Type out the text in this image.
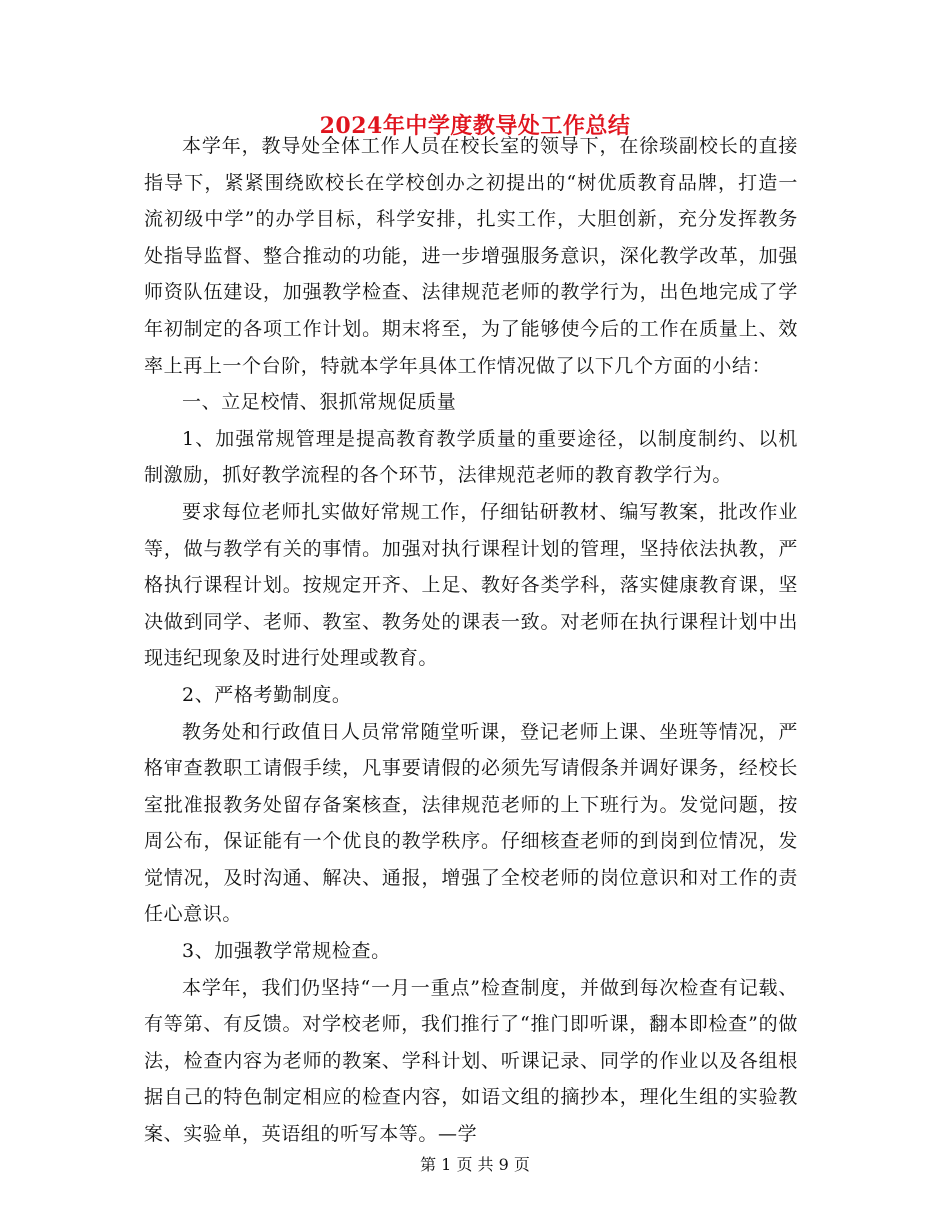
2024年中学度教导处工作总结

本学年，教导处全体工作人员在校长室的领导下，在徐琰副校长的直接指导下，紧紧围绕欧校长在学校创办之初提出的“树优质教育品牌，打造一流初级中学”的办学目标，科学安排，扎实工作，大胆创新，充分发挥教务处指导监督、整合推动的功能，进一步增强服务意识，深化教学改革，加强师资队伍建设，加强教学检查、法律规范老师的教学行为，出色地完成了学年初制定的各项工作计划。期末将至，为了能够使今后的工作在质量上、效率上再上一个台阶，特就本学年具体工作情况做了以下几个方面的小结：

一、立足校情、狠抓常规促质量

1、加强常规管理是提高教育教学质量的重要途径，以制度制约、以机制激励，抓好教学流程的各个环节，法律规范老师的教育教学行为。

要求每位老师扎实做好常规工作，仔细钻研教材、编写教案，批改作业等，做与教学有关的事情。加强对执行课程计划的管理，坚持依法执教，严格执行课程计划。按规定开齐、上足、教好各类学科，落实健康教育课，坚决做到同学、老师、教室、教务处的课表一致。对老师在执行课程计划中出现违纪现象及时进行处理或教育。

2、严格考勤制度。

教务处和行政值日人员常常随堂听课，登记老师上课、坐班等情况，严格审查教职工请假手续，凡事要请假的必须先写请假条并调好课务，经校长室批准报教务处留存备案核查，法律规范老师的上下班行为。发觉问题，按周公布，保证能有一个优良的教学秩序。仔细核查老师的到岗到位情况，发觉情况，及时沟通、解决、通报，增强了全校老师的岗位意识和对工作的责任心意识。

3、加强教学常规检查。

本学年，我们仍坚持“一月一重点”检查制度，并做到每次检查有记载、有等第、有反馈。对学校老师，我们推行了“推门即听课，翻本即检查”的做法，检查内容为老师的教案、学科计划、听课记录、同学的作业以及各组根据自己的特色制定相应的检查内容，如语文组的摘抄本，理化生组的实验教案、实验单，英语组的听写本等。—学

第 1 页 共 9 页
